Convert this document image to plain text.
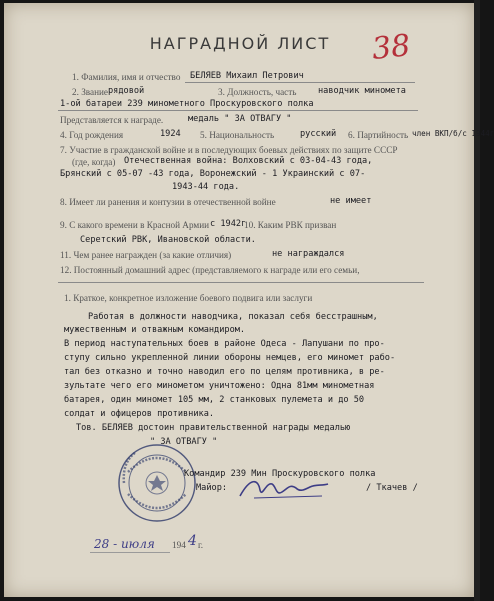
НАГРАДНОЙ ЛИСТ	38
1. Фамилия, имя и отчество БЕЛЯЕВ Михаил Петрович
2. Звание рядовой	3. Должность, часть	наводчик миномета
1-ой батареи 239 минометного Проскуровского полка
Представляется к награде.	медаль " ЗА ОТВАГУ "
4. Год рождения	1924 5. Национальность	русский 6. Партийность член ВКП/б/с 1944г
7. Участие в гражданской войне и в последующих боевых действиях по защите СССР
(где, когда) Отечественная война: Волховский с 03-04-43 года,
Брянский с 05-07 -43 года, Воронежский - 1 Украинский с 07-
1943-44 года.
8. Имеет ли ранения и контузии в отечественной войне	не имеет
9. С какого времени в Красной Армии с 1942г
10. Каким РВК призван
Серетский РВК, Ивановской области.
11. Чем ранее награжден (за какие отличия)	не награждался
12. Постоянный домашний адрес (представляемого к награде или его семьи,
1. Краткое, конкретное изложение боевого подвига или заслуги
Работая в должности наводчика, показал себя бесстрашным,
мужественным и отважным командиром.
В период наступательных боев в районе Одеса - Лапушани по про-
ступу сильно укрепленной линии обороны немцев, его миномет рабо-
тал без отказно и точно наводил его по целям противника, в ре-
зультате чего его минометом уничтожено: Одна 81мм минометная
батарея, один миномет 105 мм, 2 станковых пулемета и до 50
солдат и офицеров противника.
Тов. БЕЛЯЕВ достоин правительственной награды медалью
" ЗА ОТВАГУ "
Командир 239 Мин Проскуровского полка
Майор:	/ Ткачев /
28 - июля 194 4 г.
